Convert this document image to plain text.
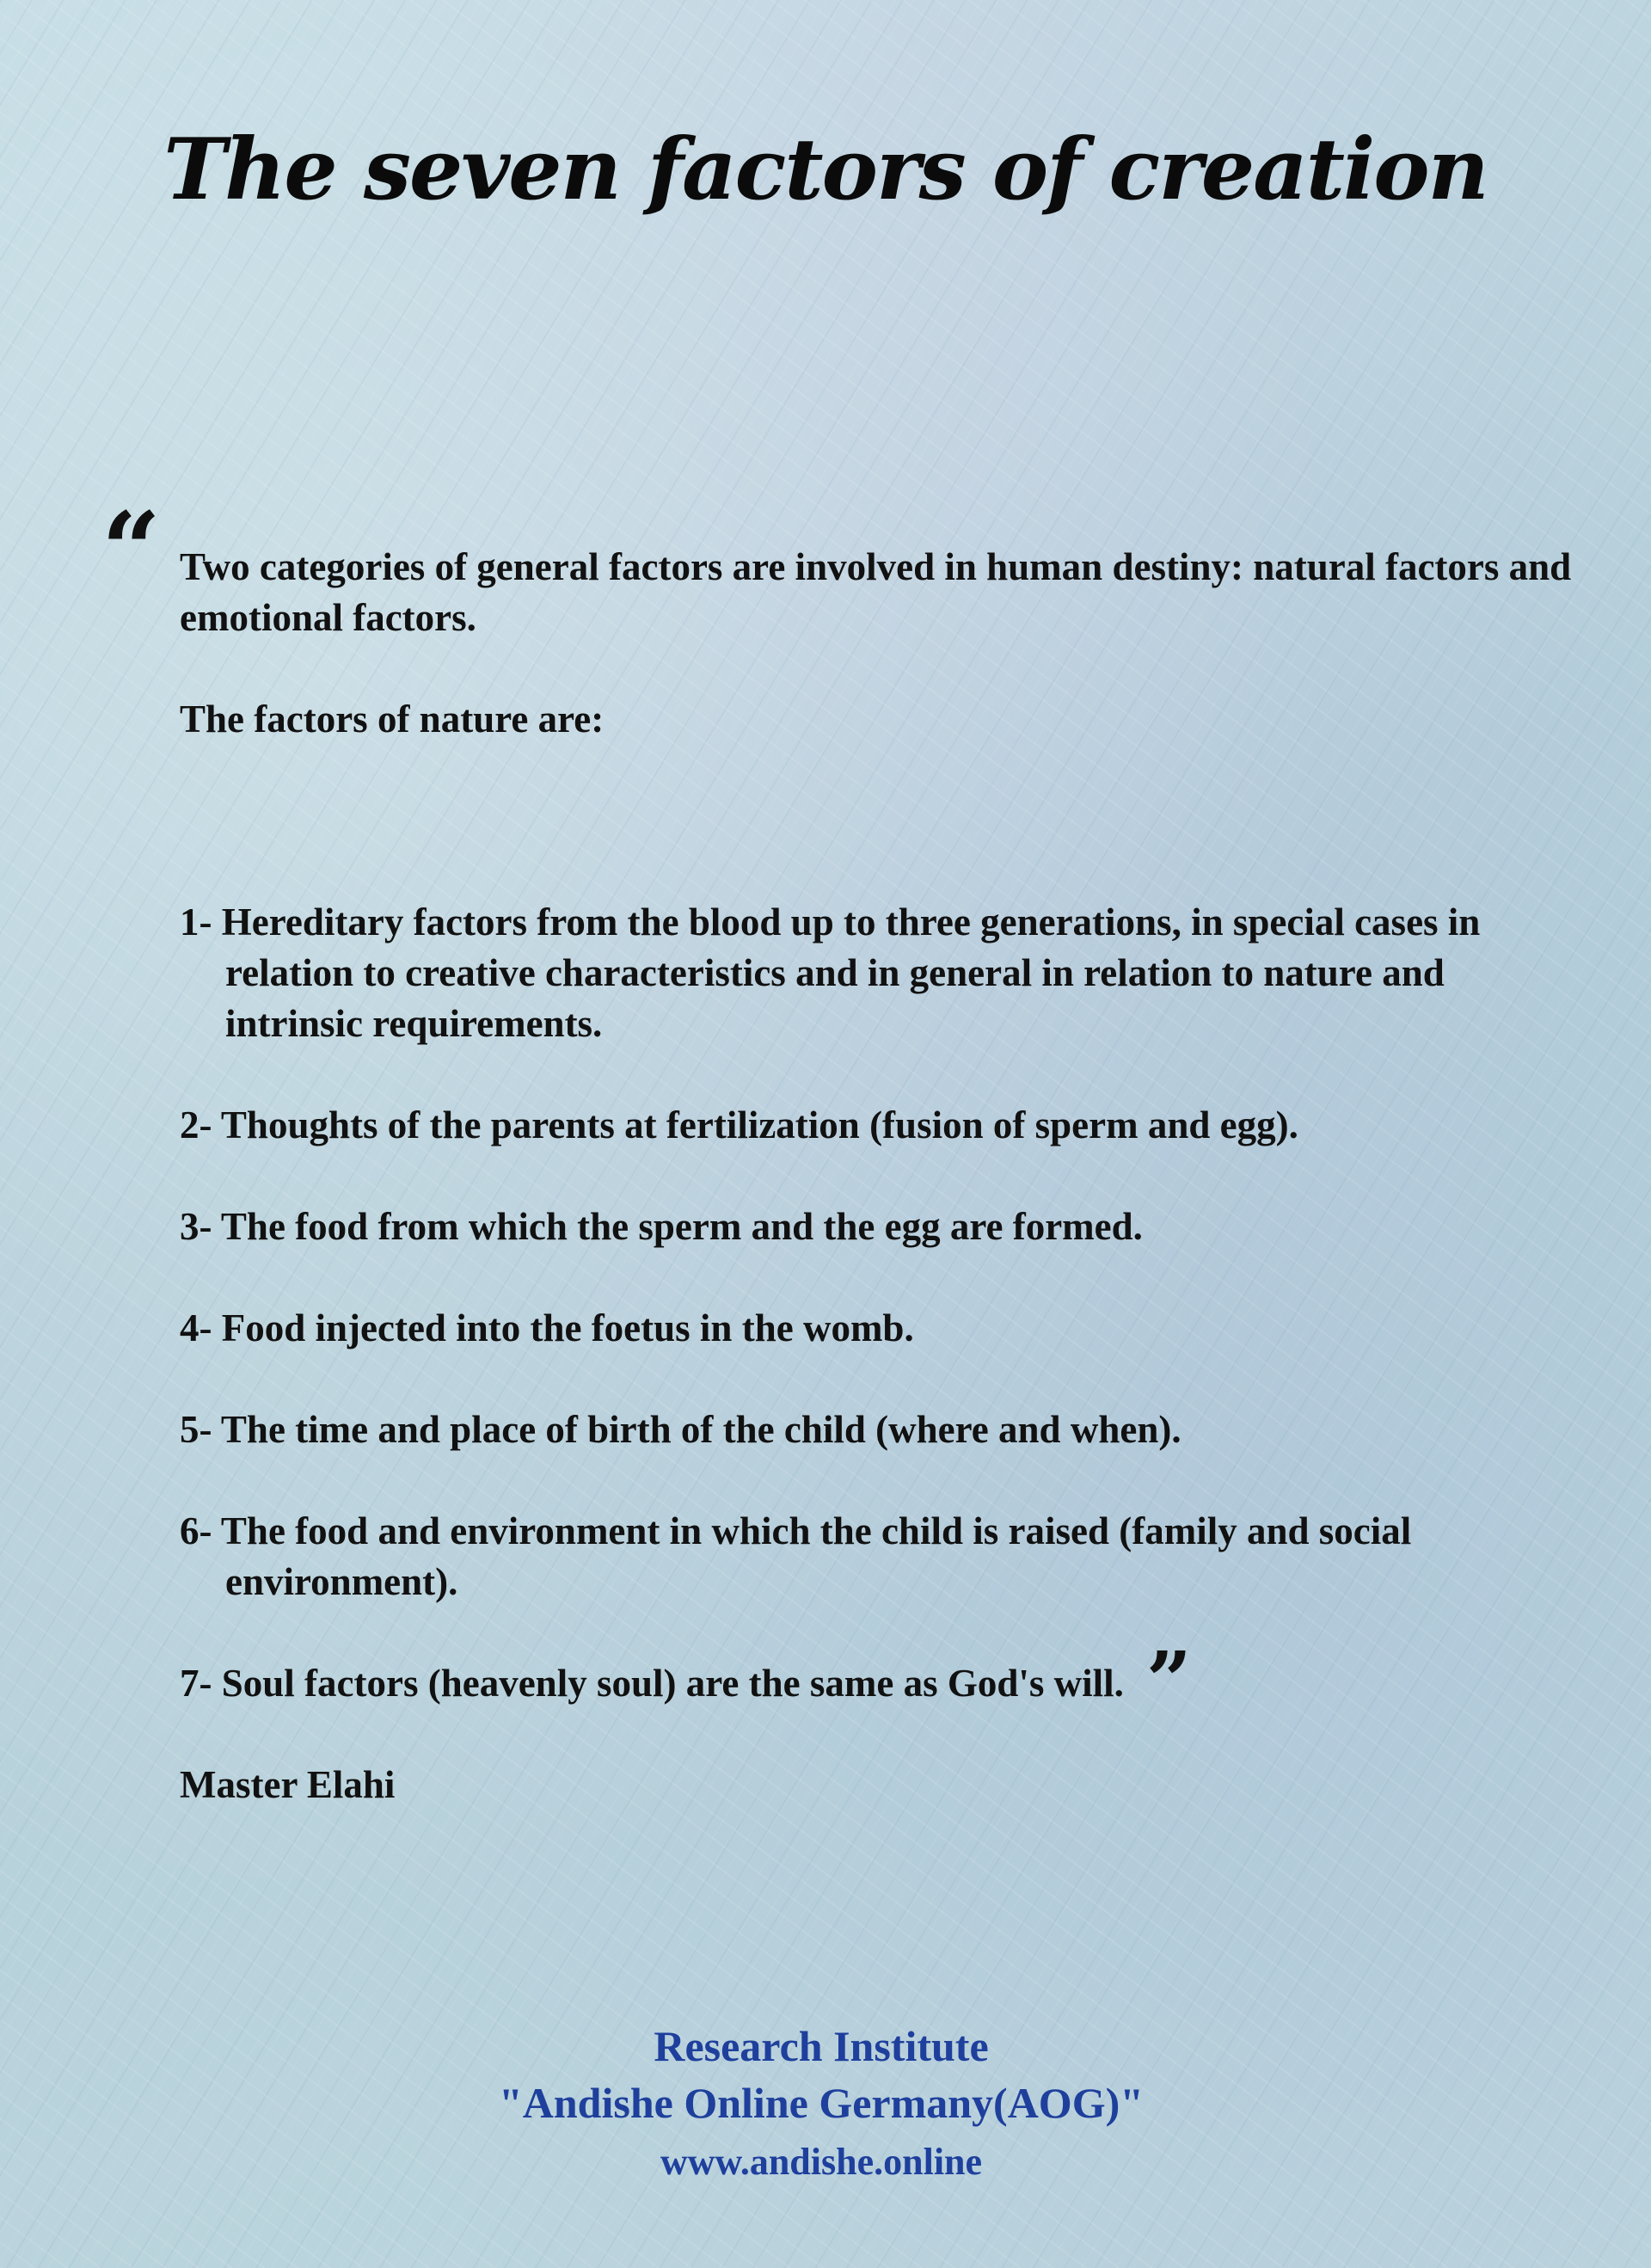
The seven factors of creation
“ Two categories of general factors are involved in human destiny: natural factors and emotional factors.

The factors of nature are:

1- Hereditary factors from the blood up to three generations, in special cases in relation to creative characteristics and in general in relation to nature and intrinsic requirements.

2- Thoughts of the parents at fertilization (fusion of sperm and egg).

3- The food from which the sperm and the egg are formed.

4- Food injected into the foetus in the womb.

5- The time and place of birth of the child (where and when).

6- The food and environment in which the child is raised (family and social environment).

7- Soul factors (heavenly soul) are the same as God's will. ”

Master Elahi

Research Institute
"Andishe Online Germany(AOG)"
www.andishe.online
